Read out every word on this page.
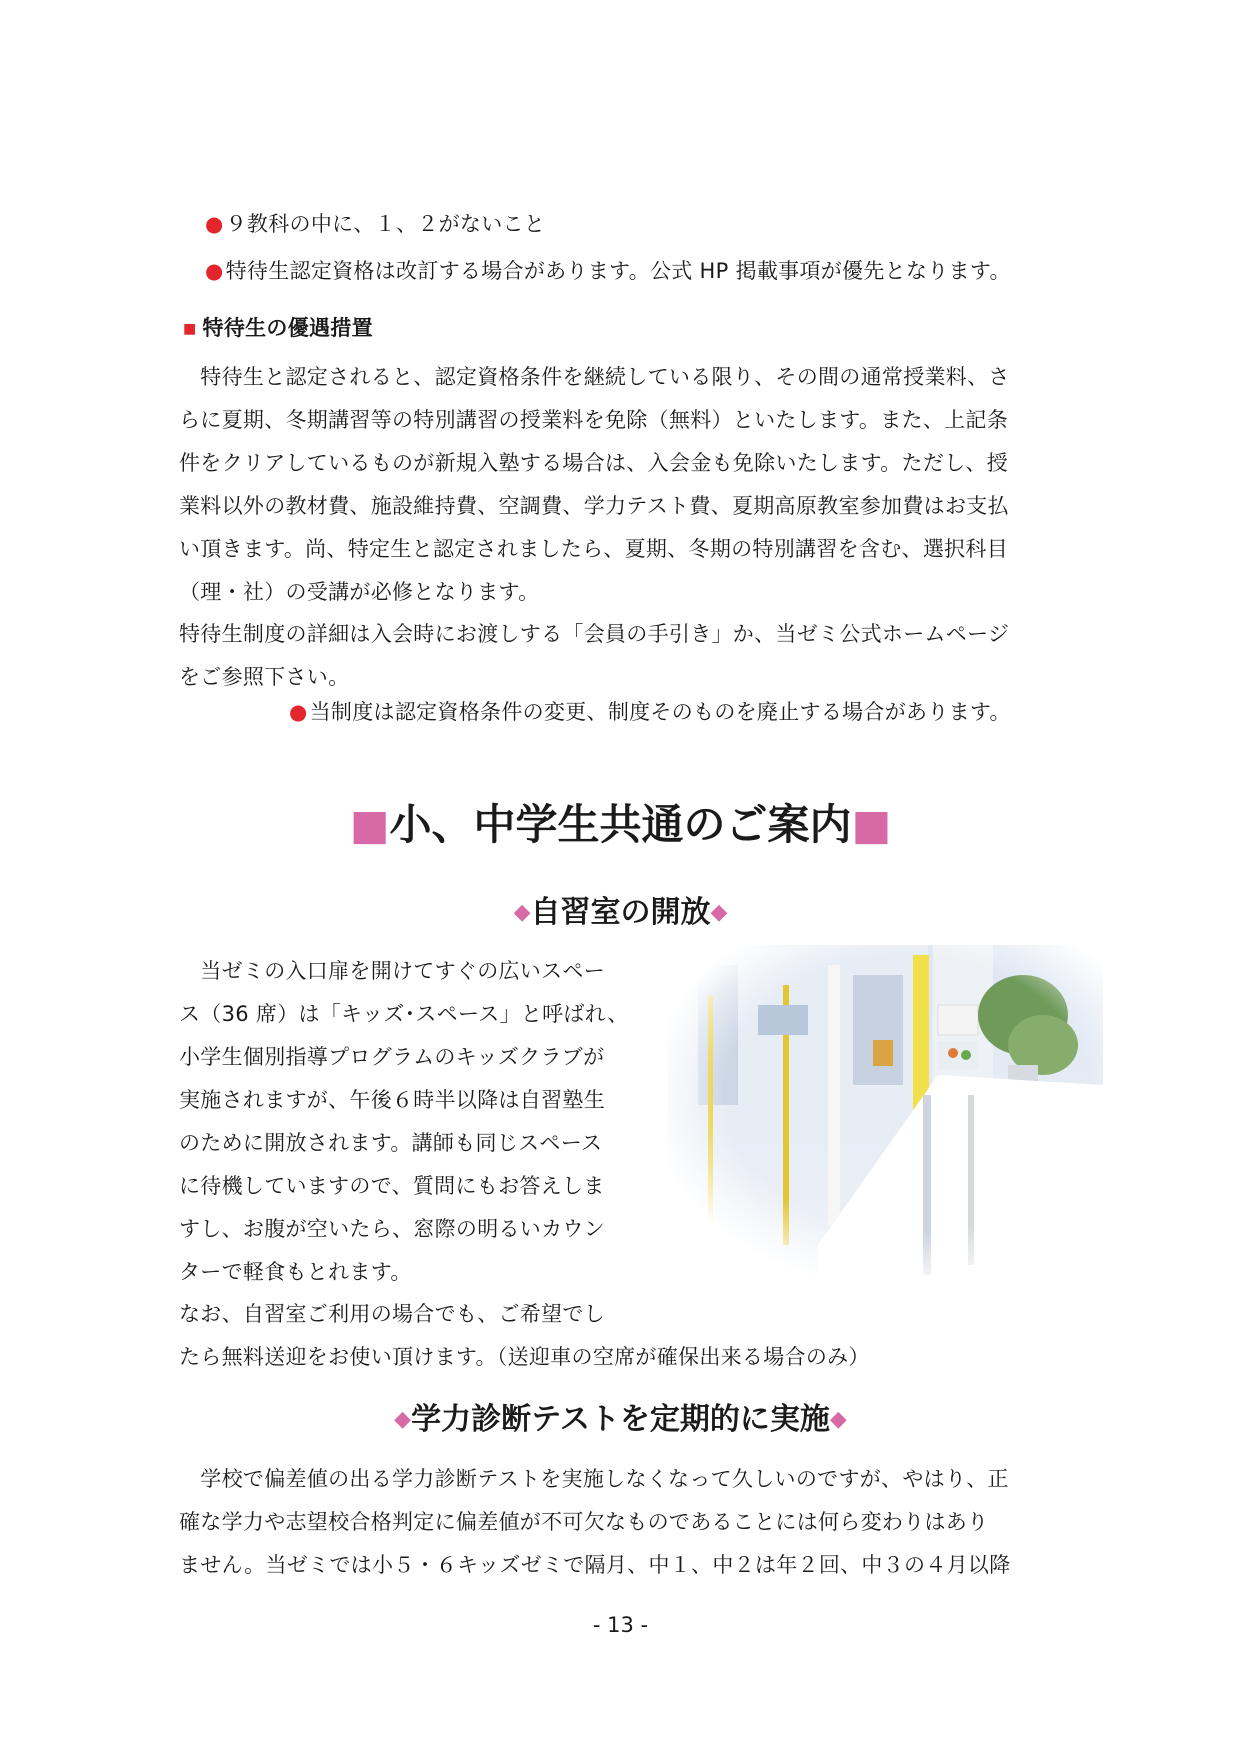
●９教科の中に、１、２がないこと
●特待生認定資格は改訂する場合があります。公式 HP 掲載事項が優先となります。
■ 特待生の優遇措置
　特待生と認定されると、認定資格条件を継続している限り、その間の通常授業料、さ
らに夏期、冬期講習等の特別講習の授業料を免除（無料）といたします。また、上記条
件をクリアしているものが新規入塾する場合は、入会金も免除いたします。ただし、授
業料以外の教材費、施設維持費、空調費、学力テスト費、夏期高原教室参加費はお支払
い頂きます。尚、特定生と認定されましたら、夏期、冬期の特別講習を含む、選択科目
（理・社）の受講が必修となります。
特待生制度の詳細は入会時にお渡しする「会員の手引き」か、当ゼミ公式ホームページ
をご参照下さい。
●当制度は認定資格条件の変更、制度そのものを廃止する場合があります。
■小、中学生共通のご案内■
◆自習室の開放◆
　当ゼミの入口扉を開けてすぐの広いスペー
ス（36 席）は「キッズ･スペース」と呼ばれ、
小学生個別指導プログラムのキッズクラブが
実施されますが、午後６時半以降は自習塾生
のために開放されます。講師も同じスペース
に待機していますので、質問にもお答えしま
すし、お腹が空いたら、窓際の明るいカウン
ターで軽食もとれます。
なお、自習室ご利用の場合でも、ご希望でし
たら無料送迎をお使い頂けます。（送迎車の空席が確保出来る場合のみ）
◆学力診断テストを定期的に実施◆
　学校で偏差値の出る学力診断テストを実施しなくなって久しいのですが、やはり、正
確な学力や志望校合格判定に偏差値が不可欠なものであることには何ら変わりはあり
ません。当ゼミでは小５・６キッズゼミで隔月、中１、中２は年２回、中３の４月以降
- 13 -
